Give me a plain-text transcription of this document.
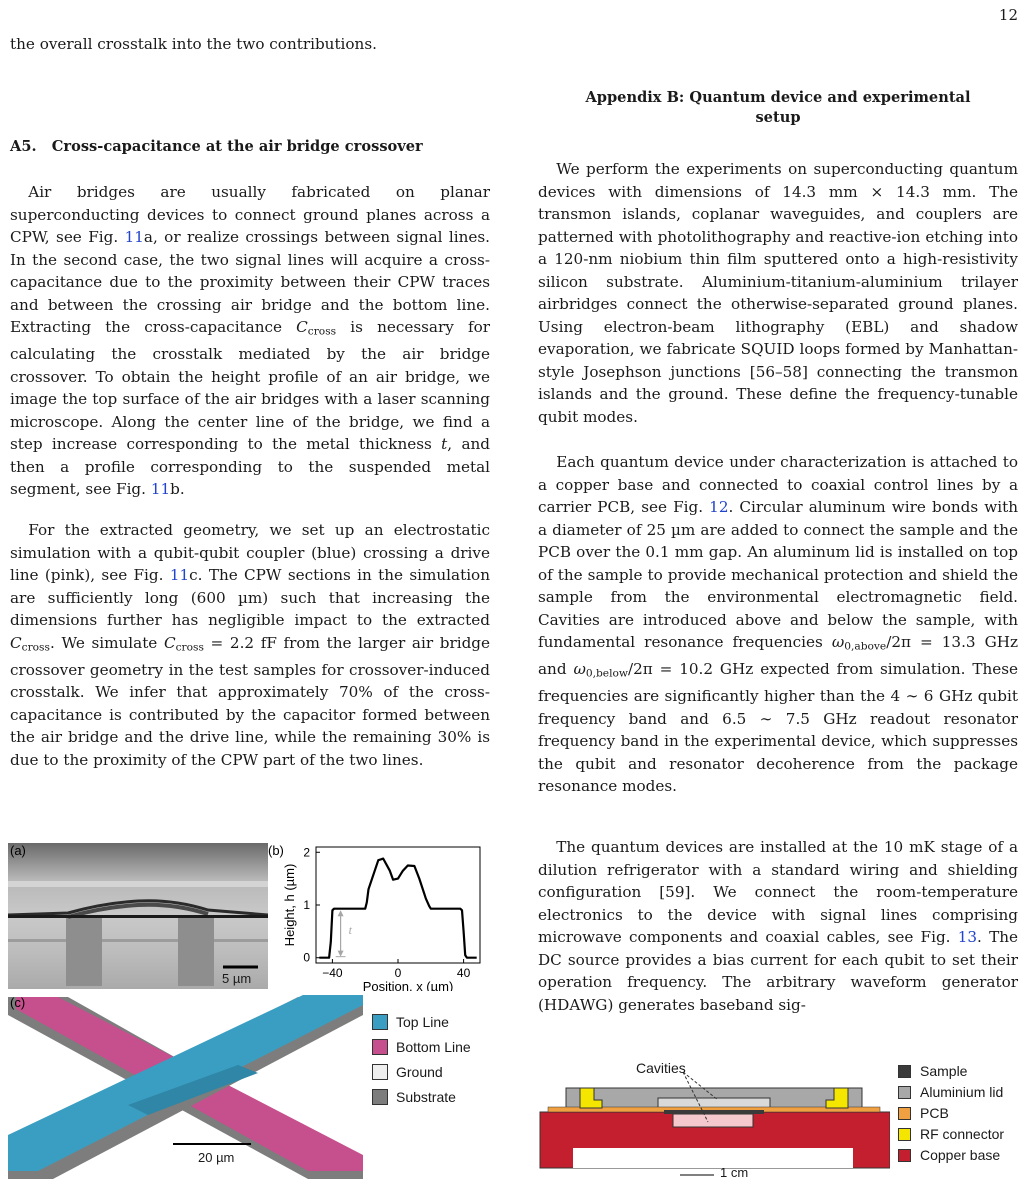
12

the overall crosstalk into the two contributions.

A5.   Cross-capacitance at the air bridge crossover

Air bridges are usually fabricated on planar superconducting devices to connect ground planes across a CPW, see Fig. 11a, or realize crossings between signal lines. In the second case, the two signal lines will acquire a cross-capacitance due to the proximity between their CPW traces and between the crossing air bridge and the bottom line. Extracting the cross-capacitance $C_{cross}$ is necessary for calculating the crosstalk mediated by the air bridge crossover. To obtain the height profile of an air bridge, we image the top surface of the air bridges with a laser scanning microscope. Along the center line of the bridge, we find a step increase corresponding to the metal thickness t, and then a profile corresponding to the suspended metal segment, see Fig. 11b.

For the extracted geometry, we set up an electrostatic simulation with a qubit-qubit coupler (blue) crossing a drive line (pink), see Fig. 11c. The CPW sections in the simulation are sufficiently long (600 µm) such that increasing the dimensions further has negligible impact to the extracted $C_{cross}$. We simulate $C_{cross} = 2.2$ fF from the larger air bridge crossover geometry in the test samples for crossover-induced crosstalk. We infer that approximately 70% of the cross-capacitance is contributed by the capacitor formed between the air bridge and the drive line, while the remaining 30% is due to the proximity of the CPW part of the two lines.

5 µm
(a)	(b)
−40	0	40
0
1
2
Position, x (µm)
Height, h (µm)	t
20 µm
(c)
Top Line
Bottom Line
Ground
Substrate
Appendix B: Quantum device and experimental setup

We perform the experiments on superconducting quantum devices with dimensions of 14.3 mm × 14.3 mm. The transmon islands, coplanar waveguides, and couplers are patterned with photolithography and reactive-ion etching into a 120-nm niobium thin film sputtered onto a high-resistivity silicon substrate. Aluminium-titanium-aluminium trilayer airbridges connect the otherwise-separated ground planes. Using electron-beam lithography (EBL) and shadow evaporation, we fabricate SQUID loops formed by Manhattan-style Josephson junctions [56–58] connecting the transmon islands and the ground. These define the frequency-tunable qubit modes.

Each quantum device under characterization is attached to a copper base and connected to coaxial control lines by a carrier PCB, see Fig. 12. Circular aluminum wire bonds with a diameter of 25 µm are added to connect the sample and the PCB over the 0.1 mm gap. An aluminum lid is installed on top of the sample to provide mechanical protection and shield the sample from the environmental electromagnetic field. Cavities are introduced above and below the sample, with fundamental resonance frequencies $\omega_{0,above}/2\pi = 13.3$ GHz and $\omega_{0,below}/2\pi = 10.2$ GHz expected from simulation. These frequencies are significantly higher than the 4 ∼ 6 GHz qubit frequency band and 6.5 ∼ 7.5 GHz readout resonator frequency band in the experimental device, which suppresses the qubit and resonator decoherence from the package resonance modes.

The quantum devices are installed at the 10 mK stage of a dilution refrigerator with a standard wiring and shielding configuration [59]. We connect the room-temperature electronics to the device with signal lines comprising microwave components and coaxial cables, see Fig. 13. The DC source provides a bias current for each qubit to set their operation frequency. The arbitrary waveform generator (HDAWG) generates baseband sig-

Cavities
1 cm
Sample
Aluminium lid
PCB
RF connector
Copper base
